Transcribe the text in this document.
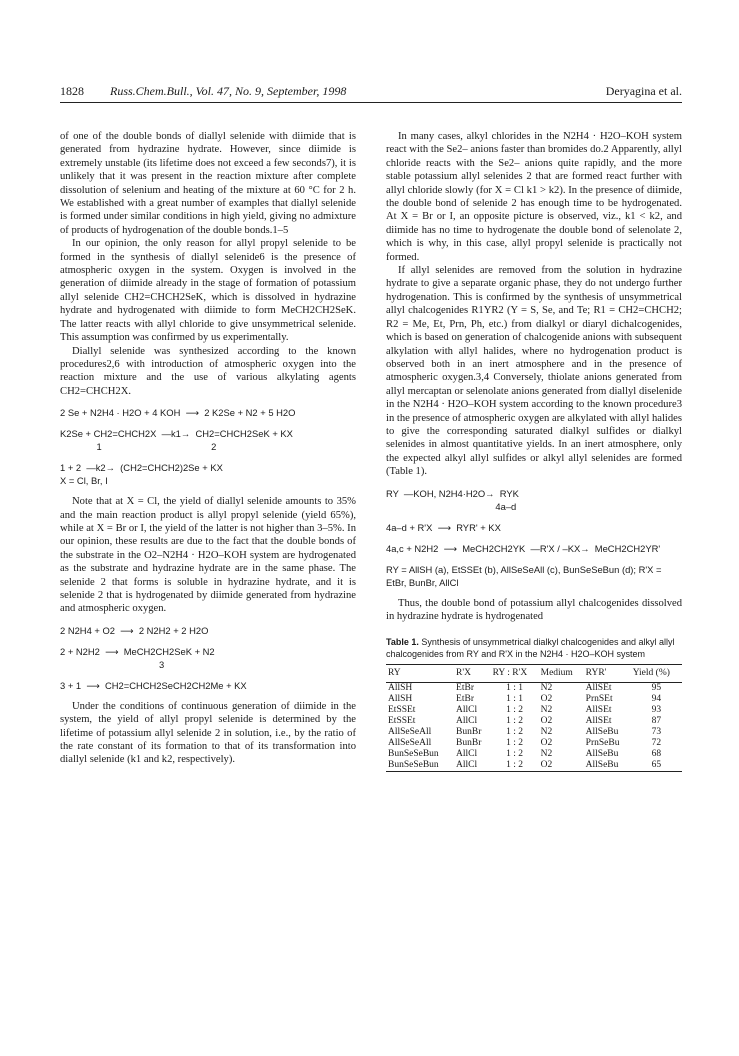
1828 Russ.Chem.Bull., Vol. 47, No. 9, September, 1998	Deryagina et al.

of one of the double bonds of diallyl selenide with diimide that is generated from hydrazine hydrate. However, since diimide is extremely unstable (its lifetime does not exceed a few seconds7), it is unlikely that it was present in the reaction mixture after complete dissolution of selenium and heating of the mixture at 60 °C for 2 h. We established with a great number of examples that diallyl selenide is formed under similar conditions in high yield, giving no admixture of products of hydrogenation of the double bonds.1–5

In our opinion, the only reason for allyl propyl selenide to be formed in the synthesis of diallyl selenide6 is the presence of atmospheric oxygen in the system. Oxygen is involved in the generation of diimide already in the stage of formation of potassium allyl selenide CH2=CHCH2SeK, which is dissolved in hydrazine hydrate and hydrogenated with diimide to form MeCH2CH2SeK. The latter reacts with allyl chloride to give unsymmetrical selenide. This assumption was confirmed by us experimentally.

Diallyl selenide was synthesized according to the known procedures2,6 with introduction of atmospheric oxygen into the reaction mixture and the use of various alkylating agents CH2=CHCH2X.

2 Se + N2H4 · H2O + 4 KOH  ⟶  2 K2Se + N2 + 5 H2O
K2Se + CH2=CHCH2X  —k1→  CH2=CHCH2SeK + KX
1                                          2
1 + 2  —k2→  (CH2=CHCH2)2Se + KX
X = Cl, Br, I

Note that at X = Cl, the yield of diallyl selenide amounts to 35% and the main reaction product is allyl propyl selenide (yield 65%), while at X = Br or I, the yield of the latter is not higher than 3–5%. In our opinion, these results are due to the fact that the double bonds of the substrate in the O2–N2H4 · H2O–KOH system are hydrogenated as the substrate and hydrazine hydrate are in the same phase. The selenide 2 that forms is soluble in hydrazine hydrate, and it is selenide 2 that is hydrogenated by diimide generated from hydrazine and atmospheric oxygen.

2 N2H4 + O2  ⟶  2 N2H2 + 2 H2O
2 + N2H2  ⟶  MeCH2CH2SeK + N2
3
3 + 1  ⟶  CH2=CHCH2SeCH2CH2Me + KX

Under the conditions of continuous generation of diimide in the system, the yield of allyl propyl selenide is determined by the lifetime of potassium allyl selenide 2 in solution, i.e., by the ratio of the rate constant of its formation to that of its transformation into diallyl selenide (k1 and k2, respectively).

In many cases, alkyl chlorides in the N2H4 · H2O–KOH system react with the Se2– anions faster than bromides do.2 Apparently, allyl chloride reacts with the Se2– anions quite rapidly, and the more stable potassium allyl selenides 2 that are formed react further with allyl chloride slowly (for X = Cl k1 > k2). In the presence of diimide, the double bond of selenide 2 has enough time to be hydrogenated. At X = Br or I, an opposite picture is observed, viz., k1 < k2, and diimide has no time to hydrogenate the double bond of selenolate 2, which is why, in this case, allyl propyl selenide is practically not formed.

If allyl selenides are removed from the solution in hydrazine hydrate to give a separate organic phase, they do not undergo further hydrogenation. This is confirmed by the synthesis of unsymmetrical allyl chalcogenides R1YR2 (Y = S, Se, and Te; R1 = CH2=CHCH2; R2 = Me, Et, Prn, Ph, etc.) from dialkyl or diaryl dichalcogenides, which is based on generation of chalcogenide anions with subsequent alkylation with allyl halides, where no hydrogenation product is observed both in an inert atmosphere and in the presence of atmospheric oxygen.3,4 Conversely, thiolate anions generated from allyl mercaptan or selenolate anions generated from diallyl diselenide in the N2H4 · H2O–KOH system according to the known procedure3 in the presence of atmospheric oxygen are alkylated with allyl halides to give the corresponding saturated dialkyl sulfides or dialkyl selenides in almost quantitative yields. In an inert atmosphere, only the expected alkyl allyl sulfides or alkyl allyl selenides are formed (Table 1).

RY  —KOH, N2H4·H2O→  RYK
4a–d
4a–d + R'X  ⟶  RYR' + KX
4a,c + N2H2  ⟶  MeCH2CH2YK  —R'X / –KX→  MeCH2CH2YR'
RY = AllSH (a), EtSSEt (b), AllSeSeAll (c), BunSeSeBun (d); R'X = EtBr, BunBr, AllCl

Thus, the double bond of potassium allyl chalcogenides dissolved in hydrazine hydrate is hydrogenated

Table 1. Synthesis of unsymmetrical dialkyl chalcogenides and alkyl allyl chalcogenides from RY and R'X in the N2H4 · H2O–KOH system
RY	R'X	RY : R'X	Medium	RYR'	Yield (%)
AllSH	EtBr	1 : 1	N2	AllSEt	95
AllSH	EtBr	1 : 1	O2	PrnSEt	94
EtSSEt	AllCl	1 : 2	N2	AllSEt	93
EtSSEt	AllCl	1 : 2	O2	AllSEt	87
AllSeSeAll	BunBr	1 : 2	N2	AllSeBu	73
AllSeSeAll	BunBr	1 : 2	O2	PrnSeBu	72
BunSeSeBun	AllCl	1 : 2	N2	AllSeBu	68
BunSeSeBun	AllCl	1 : 2	O2	AllSeBu	65
